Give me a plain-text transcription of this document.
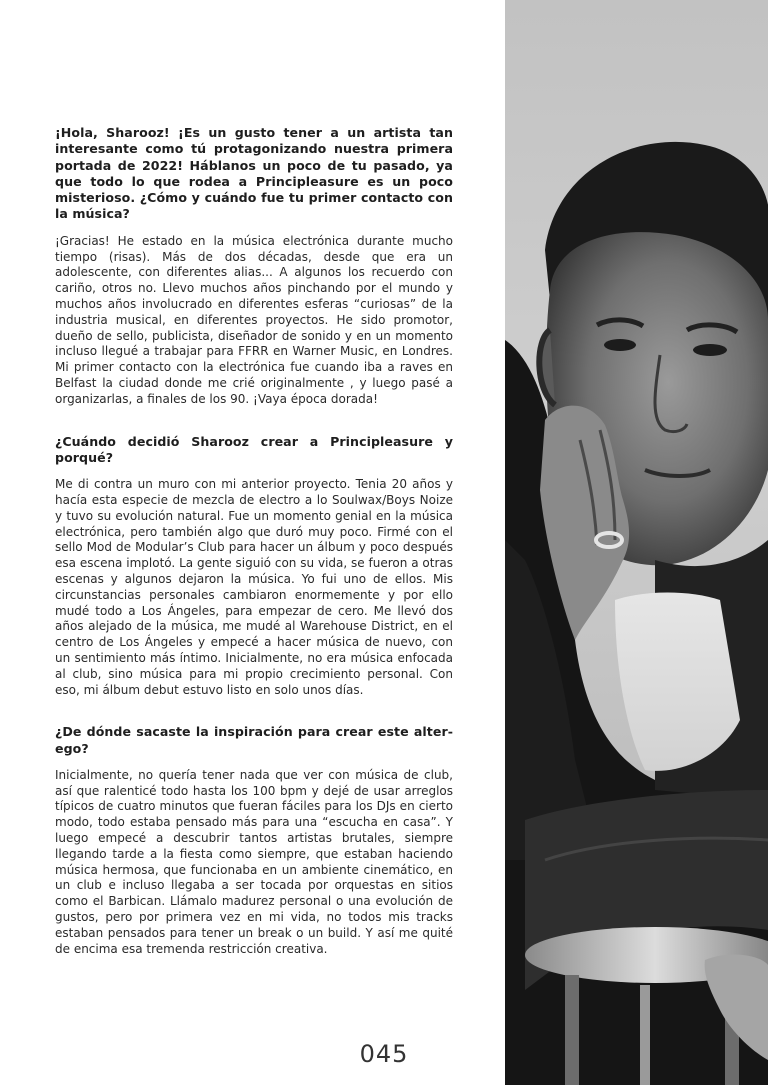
¡Hola, Sharooz! ¡Es un gusto tener a un artista tan interesante como tú protagonizando nuestra primera portada de 2022! Háblanos un poco de tu pasado, ya que todo lo que rodea a Principleasure es un poco misterioso. ¿Cómo y cuándo fue tu primer contacto con la música?

¡Gracias! He estado en la música electrónica durante mucho tiempo (risas). Más de dos décadas, desde que era un adolescente, con diferentes alias... A algunos los recuerdo con cariño, otros no. Llevo muchos años pinchando por el mundo y muchos años involucrado en diferentes esferas “curiosas” de la industria musical, en diferentes proyectos. He sido promotor, dueño de sello, publicista, diseñador de sonido y en un momento incluso llegué a trabajar para FFRR en Warner Music, en Londres. Mi primer contacto con la electrónica fue cuando iba a raves en Belfast la ciudad donde me crié originalmente , y luego pasé a organizarlas, a finales de los 90. ¡Vaya época dorada!

¿Cuándo decidió Sharooz crear a Principleasure y porqué?

Me di contra un muro con mi anterior proyecto. Tenia 20 años y hacía esta especie de mezcla de electro a lo Soulwax/Boys Noize y tuvo su evolución natural. Fue un momento genial en la música electrónica, pero también algo que duró muy poco. Firmé con el sello Mod de Modular’s Club para hacer un álbum y poco después esa escena implotó. La gente siguió con su vida, se fueron a otras escenas y algunos dejaron la música. Yo fui uno de ellos. Mis circunstancias personales cambiaron enormemente y por ello mudé todo a Los Ángeles, para empezar de cero. Me llevó dos años alejado de la música, me mudé al Warehouse District, en el centro de Los Ángeles y empecé a hacer música de nuevo, con un sentimiento más íntimo. Inicialmente, no era música enfocada al club, sino música para mi propio crecimiento personal. Con eso, mi álbum debut estuvo listo en solo unos días.

¿De dónde sacaste la inspiración para crear este alter-ego?

Inicialmente, no quería tener nada que ver con música de club, así que ralenticé todo hasta los 100 bpm y dejé de usar arreglos típicos de cuatro minutos que fueran fáciles para los DJs en cierto modo, todo estaba pensado más para una “escucha en casa”. Y luego empecé a descubrir tantos artistas brutales, siempre llegando tarde a la fiesta como siempre, que estaban haciendo música hermosa, que funcionaba en un ambiente cinemático, en un club e incluso llegaba a ser tocada por orquestas en sitios como el Barbican. Llámalo madurez personal o una evolución de gustos, pero por primera vez en mi vida, no todos mis tracks estaban pensados para tener un break o un build. Y así me quité de encima esa tremenda restricción creativa.

045
